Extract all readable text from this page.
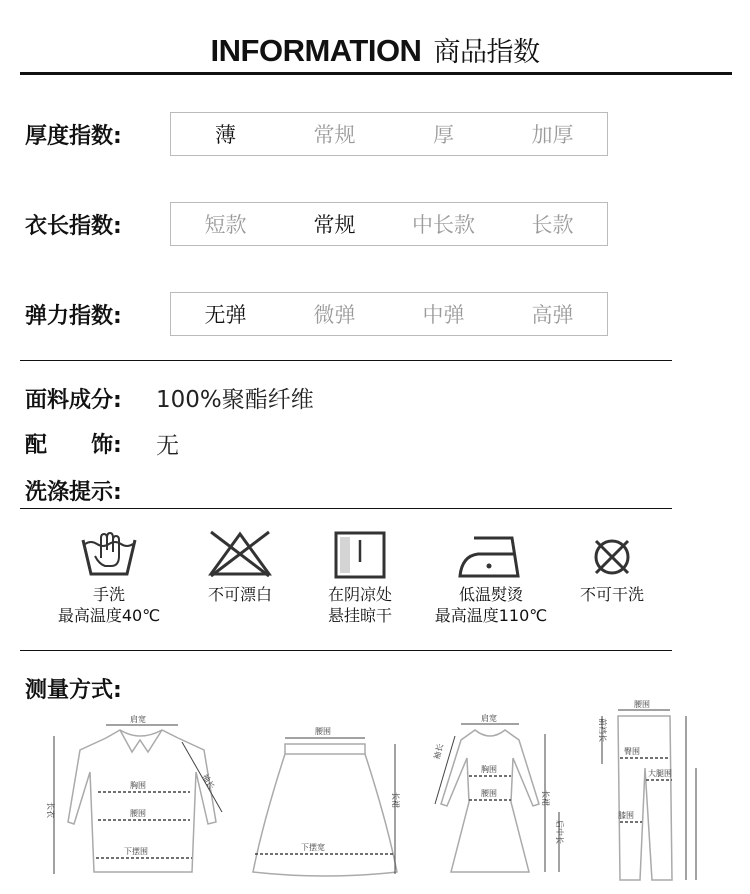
INFORMATION 商品指数
厚度指数:	薄	常规	厚	加厚
衣长指数:	短款	常规	中长款	长款
弹力指数:	无弹	微弹	中弹	高弹
面料成分: 100%聚酯纤维
配　　饰: 无
洗涤提示:
手洗
最高温度40℃
不可漂白	在阴凉处
悬挂晾干
低温熨烫
最高温度110℃
不可干洗
测量方式:
肩宽
长衣
胸围
腰围
下摆围
袖长
腰围
长裙
下摆宽
肩宽
袖长
胸围
腰围	长裙
后中长
腰围
前裆长
臀围
大腿围
膝围
